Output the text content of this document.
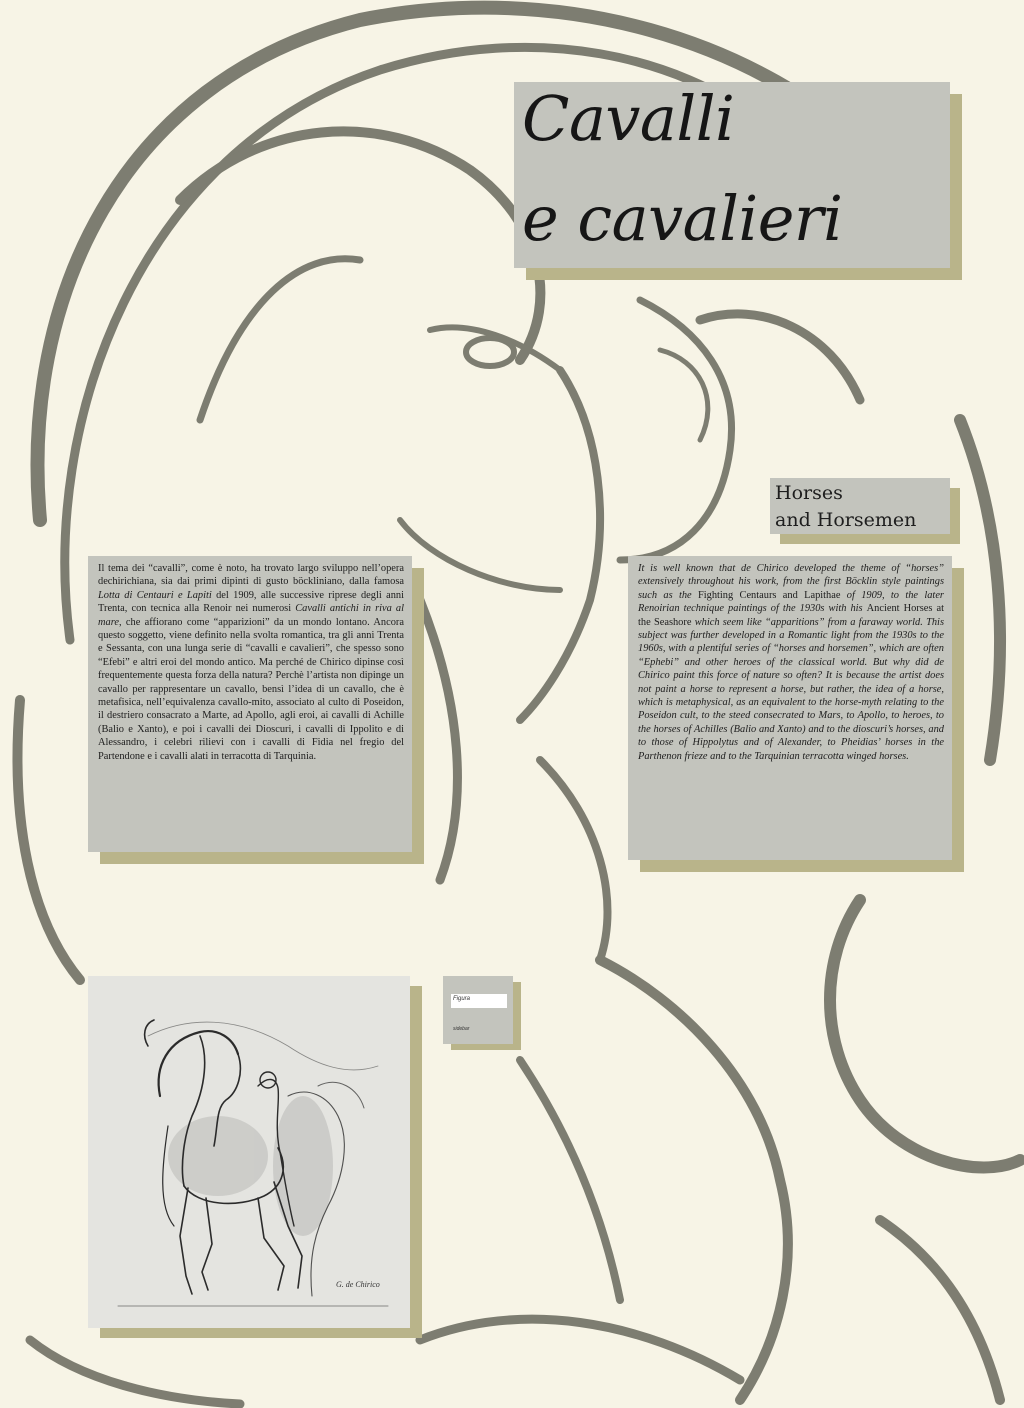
Cavalli
e cavalieri
Horses
and Horsemen
Il tema dei “cavalli”, come è noto, ha trovato largo sviluppo nell’opera dechirichiana, sia dai primi dipinti di gusto böckliniano, dalla famosa Lotta di Centauri e Lapiti del 1909, alle successive riprese degli anni Trenta, con tecnica alla Renoir nei numerosi Cavalli antichi in riva al mare, che affiorano come “apparizioni” da un mondo lontano. Ancora questo soggetto, viene definito nella svolta romantica, tra gli anni Trenta e Sessanta, con una lunga serie di “cavalli e cavalieri”, che spesso sono “Efebi” e altri eroi del mondo antico. Ma perché de Chirico dipinse così frequentemente questa forza della natura? Perchè l’artista non dipinge un cavallo per rappresentare un cavallo, bensì l’idea di un cavallo, che è metafisica, nell’equivalenza cavallo-mito, associato al culto di Poseidon, il destriero consacrato a Marte, ad Apollo, agli eroi, ai cavalli di Achille (Balio e Xanto), e poi i cavalli dei Dioscuri, i cavalli di Ippolito e di Alessandro, i celebri rilievi con i cavalli di Fidia nel fregio del Partendone e i cavalli alati in terracotta di Tarquinia.
It is well known that de Chirico developed the theme of “horses” extensively throughout his work, from the first Böcklin style paintings such as the Fighting Centaurs and Lapithae of 1909, to the later Renoirian technique paintings of the 1930s with his Ancient Horses at the Seashore which seem like “apparitions” from a faraway world. This subject was further developed in a Romantic light from the 1930s to the 1960s, with a plentiful series of “horses and horsemen”, which are often “Ephebi” and other heroes of the classical world. But why did de Chirico paint this force of nature so often? It is because the artist does not paint a horse to represent a horse, but rather, the idea of a horse, which is metaphysical, as an equivalent to the horse-myth relating to the Poseidon cult, to the steed consecrated to Mars, to Apollo, to heroes, to the horses of Achilles (Balio and Xanto) and to the dioscuri’s horses, and to those of Hippolytus and of Alexander, to Pheidias’ horses in the Parthenon frieze and to the Tarquinian terracotta winged horses.
G. de Chirico
Figura
sidebar
